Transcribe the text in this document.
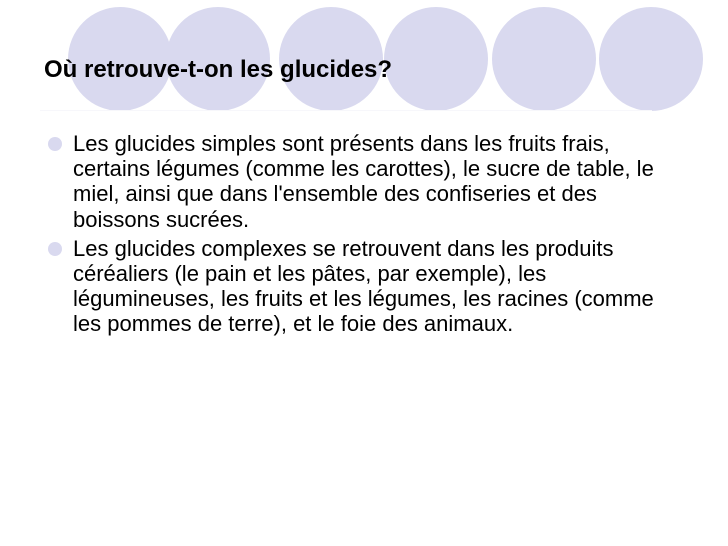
Où retrouve-t-on les glucides?
Les glucides simples sont présents dans les fruits frais, certains légumes (comme les carottes), le sucre de table, le miel, ainsi que dans l'ensemble des confiseries et des boissons sucrées.
Les glucides complexes se retrouvent dans les produits céréaliers (le pain et les pâtes, par exemple), les légumineuses, les fruits et les légumes, les racines (comme les pommes de terre), et le foie des animaux.
